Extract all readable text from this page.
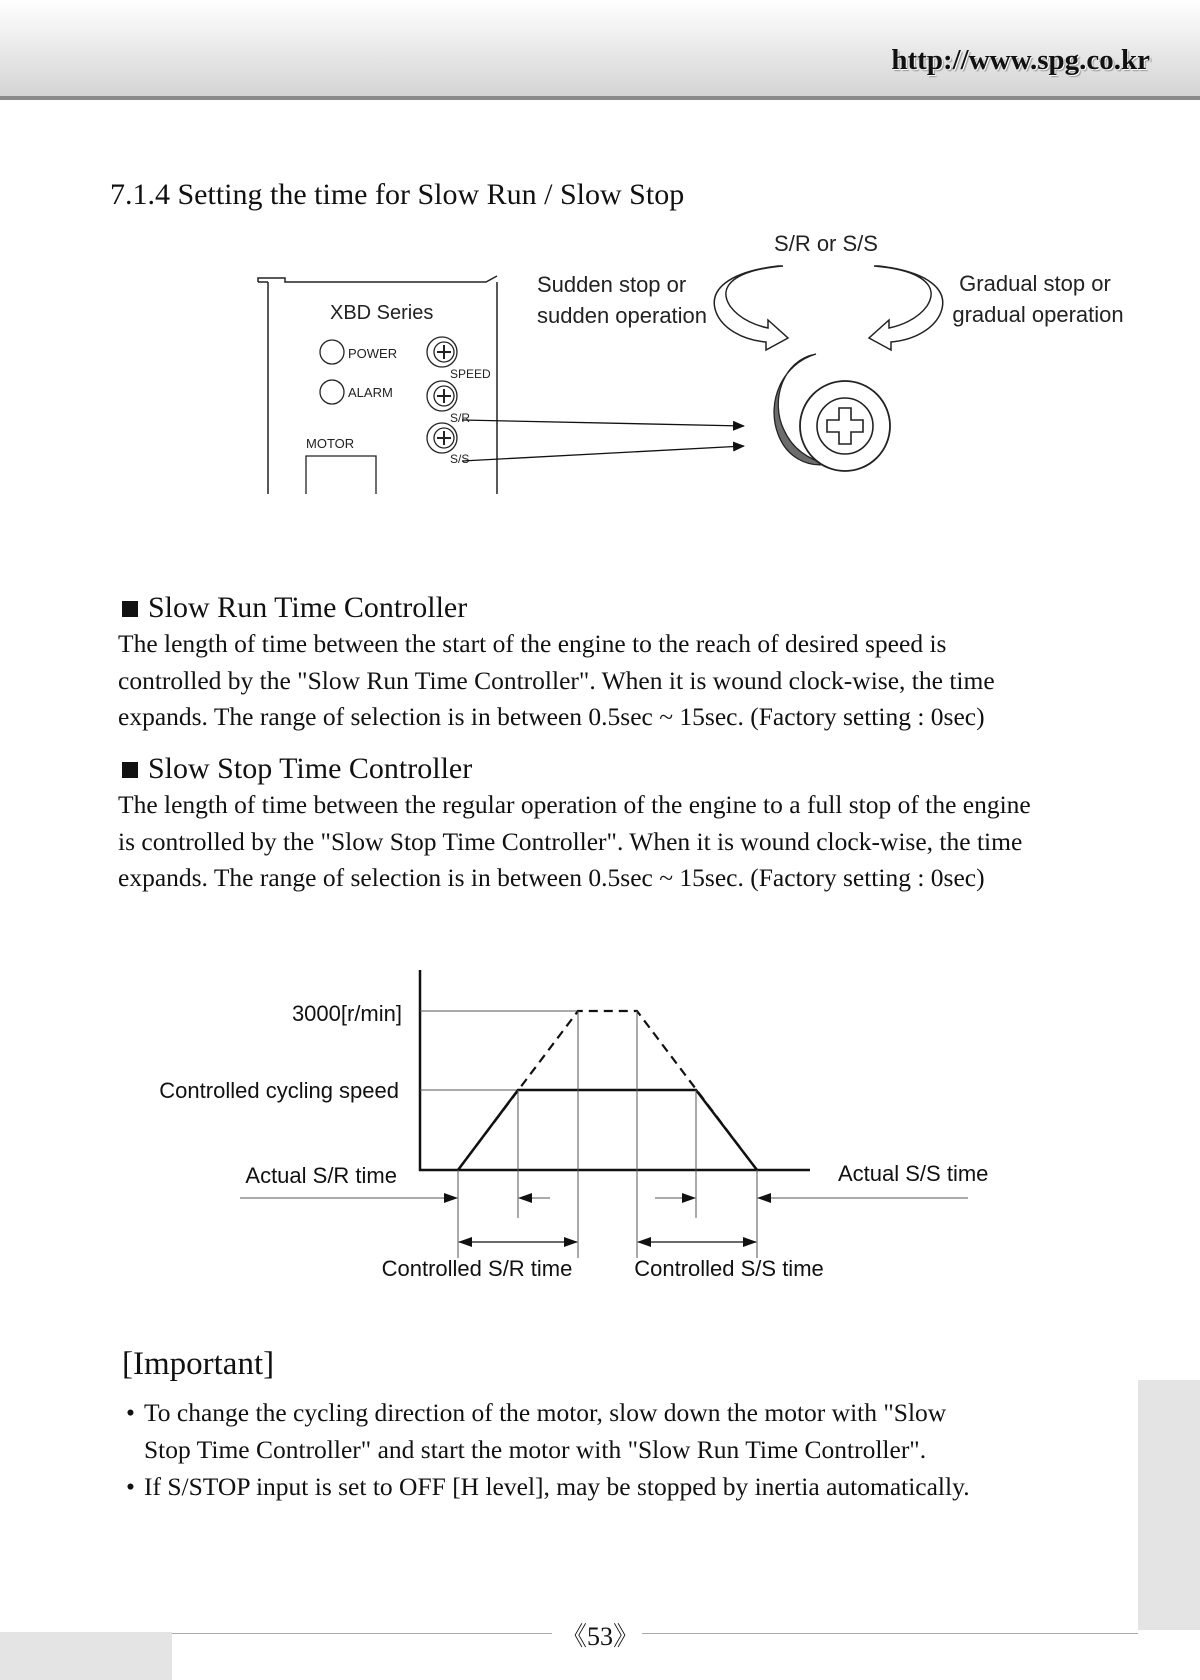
http://www.spg.co.kr
7.1.4 Setting the time for Slow Run / Slow Stop
XBD Series
POWER
ALARM
MOTOR
SPEED
S/R
S/S
S/R or S/S
Sudden stop or
sudden operation
Gradual stop or
gradual operation
Slow Run Time Controller
The length of time between the start of the engine to the reach of desired speed is
controlled by the "Slow Run Time Controller". When it is wound clock-wise, the time
expands. The range of selection is in between 0.5sec ~ 15sec. (Factory setting : 0sec)
Slow Stop Time Controller
The length of time between the regular operation of the engine to a full stop of the engine
is controlled by the "Slow Stop Time Controller". When it is wound clock-wise, the time
expands. The range of selection is in between 0.5sec ~ 15sec. (Factory setting : 0sec)
3000[r/min]
Controlled cycling speed
Actual S/R time	Actual S/S time
Controlled S/R time	Controlled S/S time
[Important]
• To change the cycling direction of the motor, slow down the motor with "Slow
Stop Time Controller" and start the motor with "Slow Run Time Controller".
• If S/STOP input is set to OFF [H level], may be stopped by inertia automatically.
《53》
